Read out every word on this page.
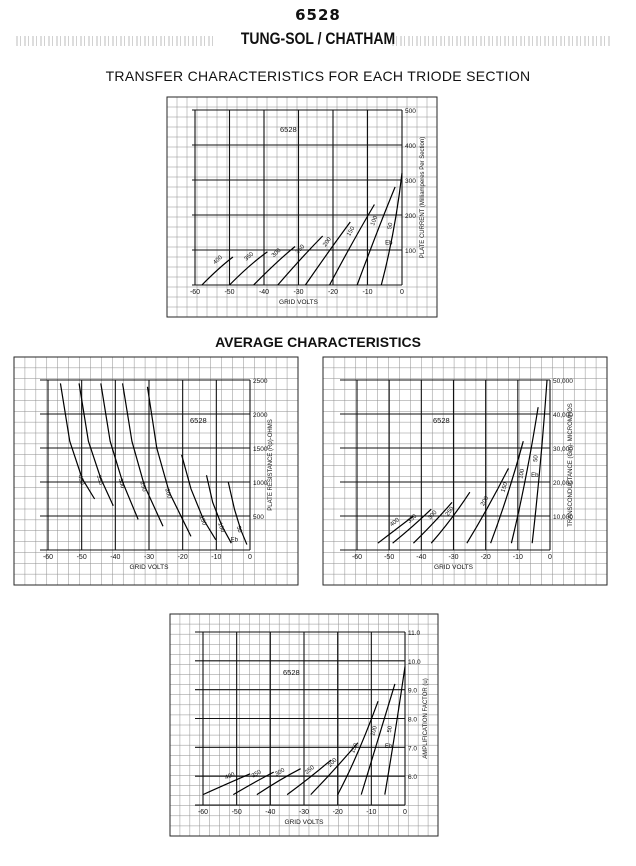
6528
TUNG-SOL / CHATHAM
TRANSFER CHARACTERISTICS FOR EACH TRIODE SECTION
AVERAGE CHARACTERISTICS
-60	-50	-40	-30	-20	-10	0
100
200
300
400
500
GRID VOLTS
PLATE CURRENT (Milliamperes Per Section)
6528
400	350	300 250
200
150
100 50
Eb
-60	-50	-40	-30	-20	-10	0
500
1000
1500
2000
2500
GRID VOLTS
PLATE RESISTANCE (Rp)-OHMS
6528
400 350 300 250
200
150
100 50
Eb
-60	-50	-40	-30	-20	-10	0
10,000
20,000
30,000
40,000
50,000
GRID VOLTS
TRANSCONDUCTANCE (Gm)- MICROMHOS
6528
400 350 300 250
200
150
100
50
Eb
-60	-50	-40	-30	-20	-10	0
6.0
7.0
8.0
9.0
10.0
11.0
GRID VOLTS
AMPLIFICATION FACTOR (u)
6528
400	350 300	250
200
150
100 50
Eb
